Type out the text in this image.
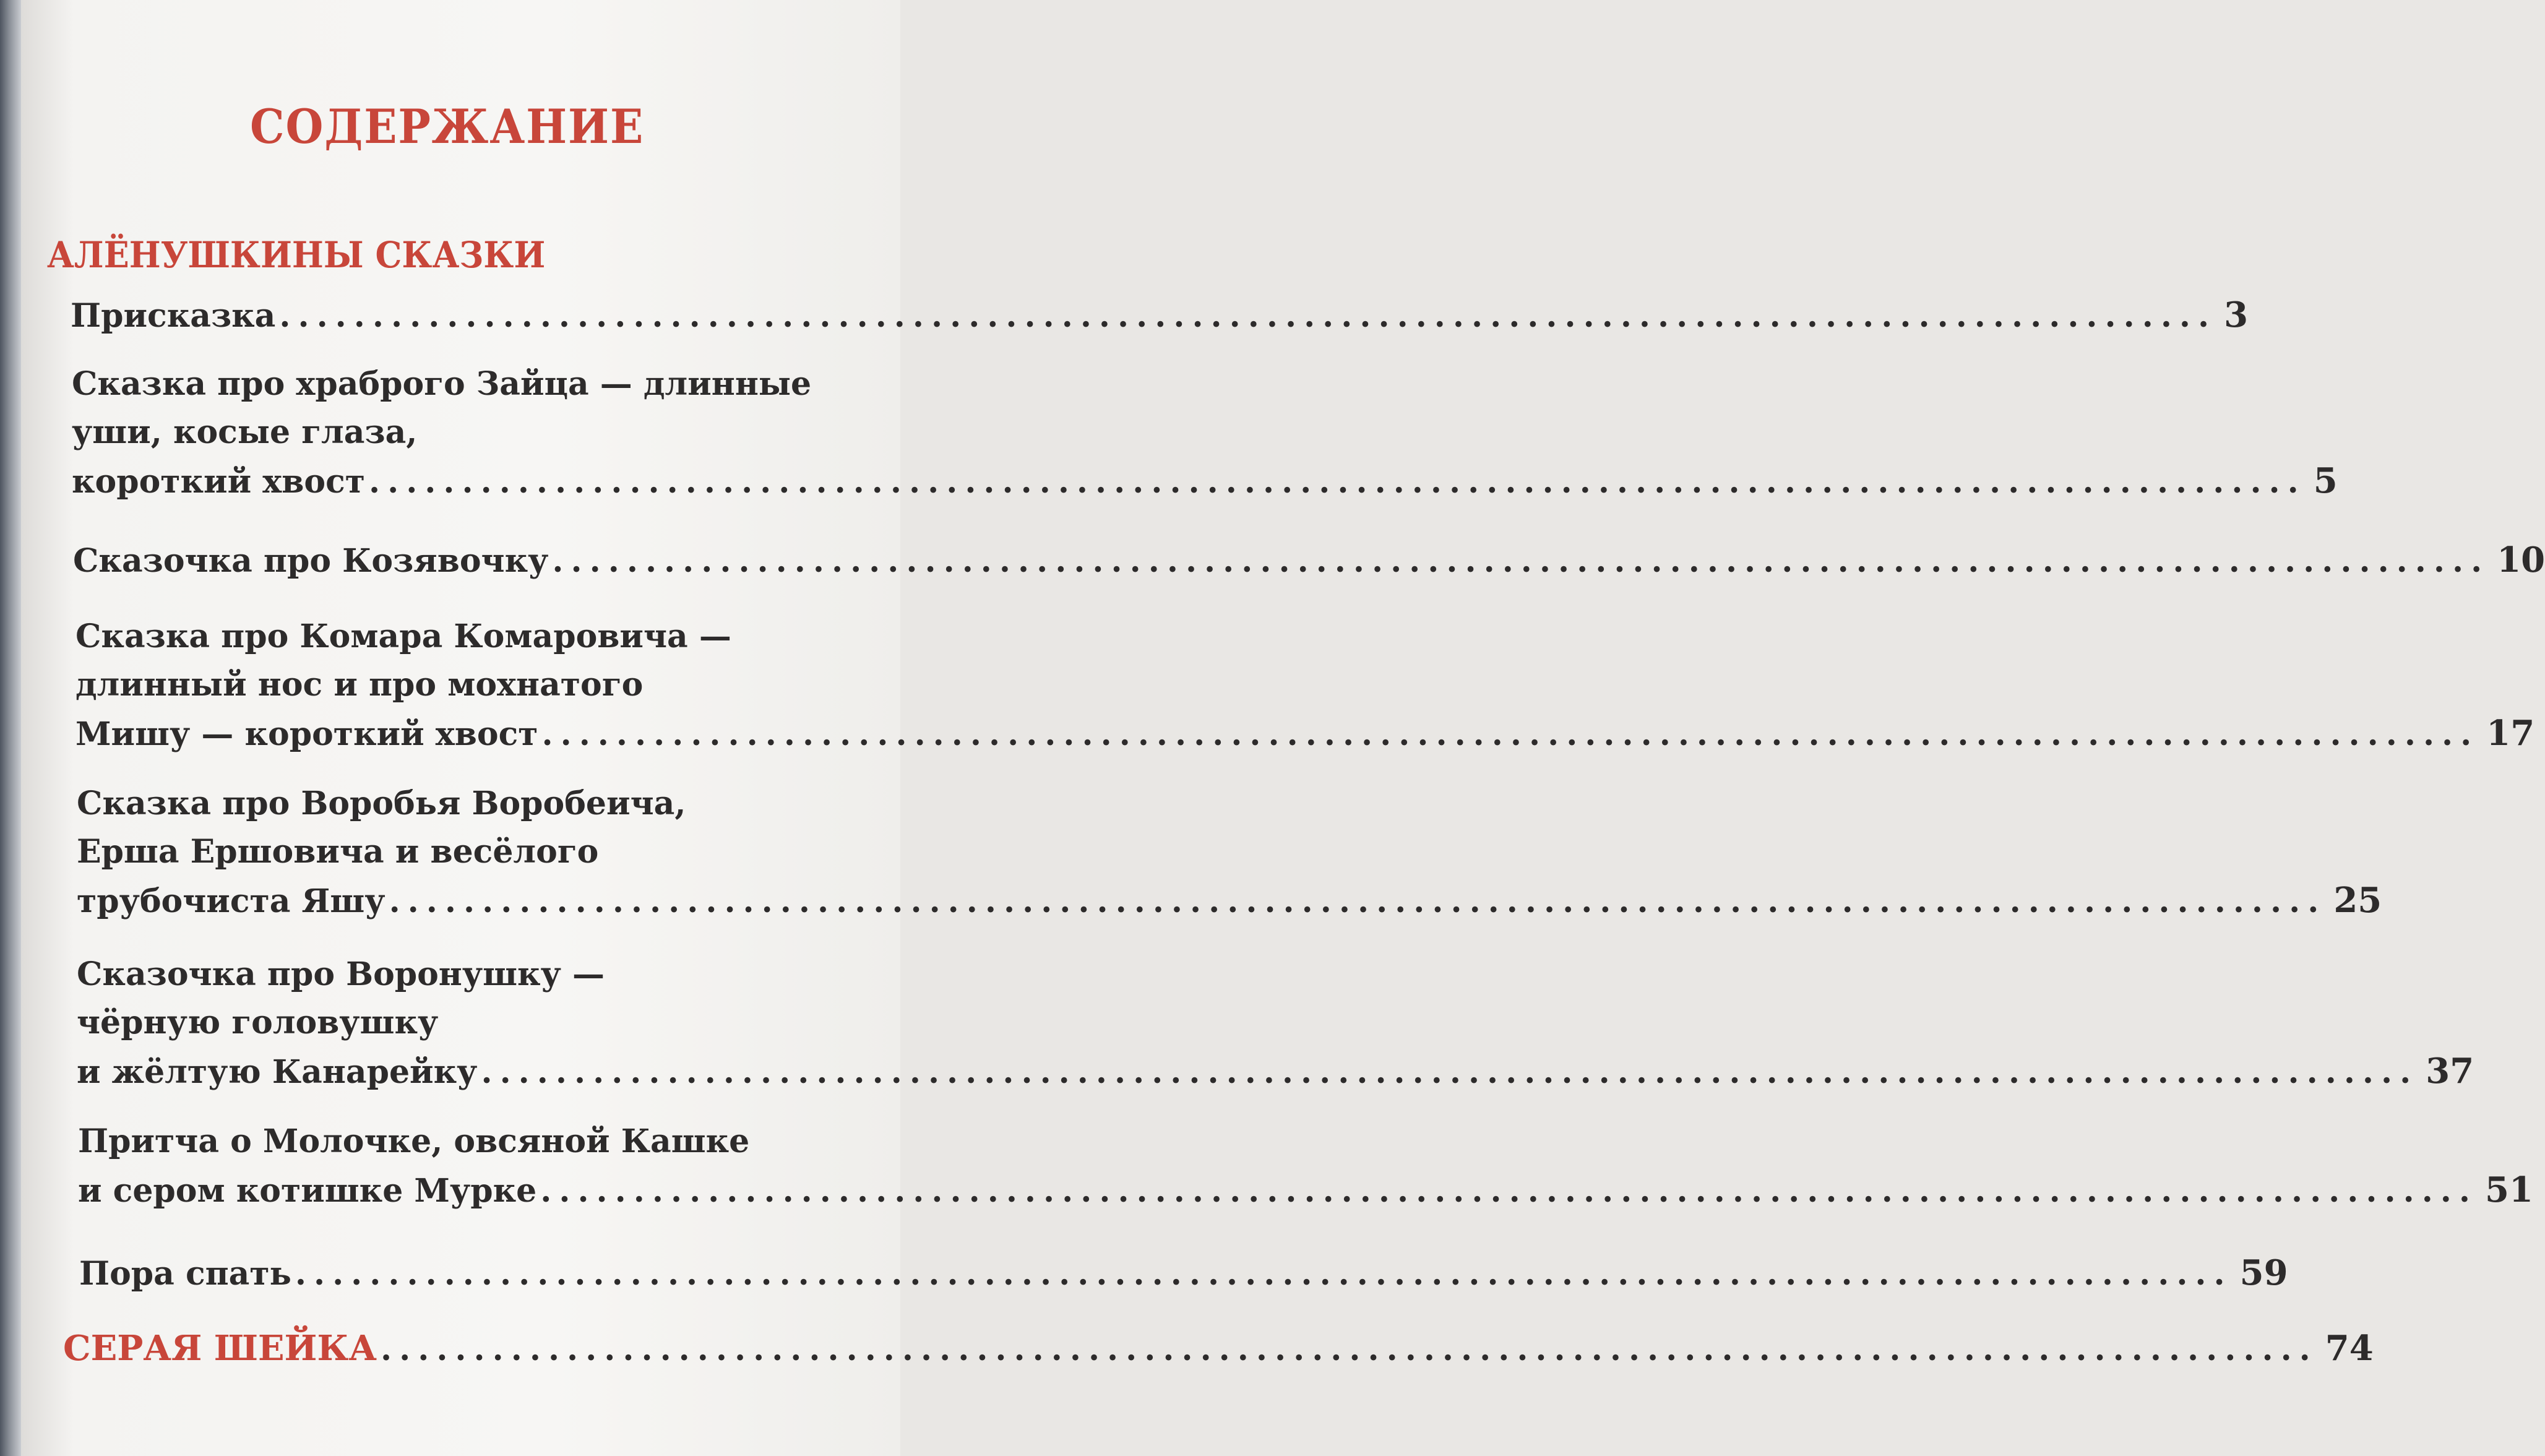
СОДЕРЖАНИЕ
АЛЁНУШКИНЫ СКАЗКИ
Присказка ........................................................................................................ 3
Сказка про храброго Зайца — длинные
уши, косые глаза,
короткий хвост ........................................................................................................ 5
Сказочка про Козявочку ........................................................................................................ 10
Сказка про Комара Комаровича —
длинный нос и про мохнатого
Мишу — короткий хвост ........................................................................................................ 17
Сказка про Воробья Воробеича,
Ерша Ершовича и весёлого
трубочиста Яшу ........................................................................................................ 25
Сказочка про Воронушку —
чёрную головушку
и жёлтую Канарейку ........................................................................................................ 37
Притча о Молочке, овсяной Кашке
и сером котишке Мурке ........................................................................................................ 51
Пора спать ........................................................................................................ 59
СЕРАЯ ШЕЙКА ........................................................................................................ 74
